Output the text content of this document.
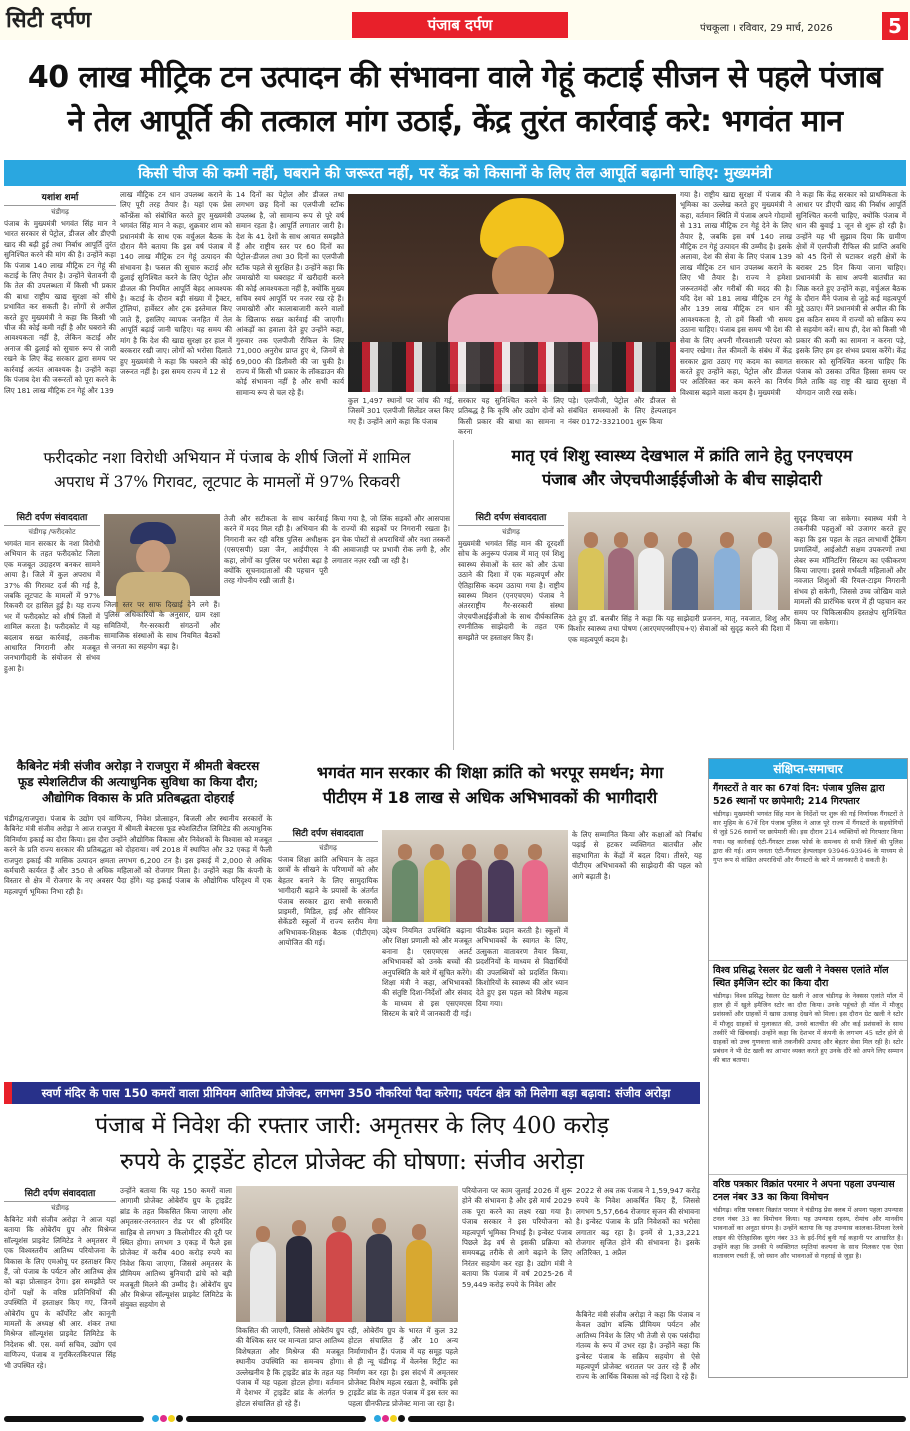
सिटी दर्पण	पंजाब दर्पण	पंचकूला । रविवार, 29 मार्च, 2026	5
40 लाख मीट्रिक टन उत्पादन की संभावना वाले गेहूं कटाई सीजन से पहले पंजाब
ने तेल आपूर्ति की तत्काल मांग उठाई, केंद्र तुरंत कार्रवाई करे: भगवंत मान
किसी चीज की कमी नहीं, घबराने की जरूरत नहीं, पर केंद्र को किसानों के लिए तेल आपूर्ति बढ़ानी चाहिए: मुख्यमंत्री
यशांश शर्मा
चंडीगढ़
पंजाब के मुख्यमंत्री भगवंत सिंह मान ने भारत सरकार से पेट्रोल, डीजल और डीएपी खाद की बढ़ी हुई तथा निर्बाध आपूर्ति तुरंत सुनिश्चित करने की मांग की है। उन्होंने कहा कि पंजाब 140 लाख मीट्रिक टन गेहूं की कटाई के लिए तैयार है। उन्होंने चेतावनी दी कि तेल की उपलब्धता में किसी भी प्रकार की बाधा राष्ट्रीय खाद्य सुरक्षा को सीधे प्रभावित कर सकती है। लोगों से अपील करते हुए मुख्यमंत्री ने कहा कि किसी भी चीज की कोई कमी नहीं है और घबराने की आवश्यकता नहीं है, लेकिन कटाई और अनाज की ढुलाई को सुचारु रूप से जारी रखने के लिए केंद्र सरकार द्वारा समय पर कार्रवाई अत्यंत आवश्यक है। उन्होंने कहा कि पंजाब देश की जरूरतों को पूरा करने के लिए 181 लाख मीट्रिक टन गेहूं और 139
लाख मीट्रिक टन धान उपलब्ध कराने के लिए पूरी तरह तैयार है। यहां एक प्रेस कॉन्फ्रेंस को संबोधित करते हुए मुख्यमंत्री भगवंत सिंह मान ने कहा, शुक्रवार शाम को प्रधानमंत्री के साथ एक वर्चुअल बैठक के दौरान मैंने बताया कि इस वर्ष पंजाब में 140 लाख मीट्रिक टन गेहूं उत्पादन की संभावना है। फसल की सुचारु कटाई और ढुलाई सुनिश्चित करने के लिए पेट्रोल और डीजल की नियमित आपूर्ति बेहद आवश्यक है। कटाई के दौरान बड़ी संख्या में ट्रैक्टर, ट्रॉलियां, हार्वेस्टर और ट्रक इस्तेमाल किए जाते हैं, इसलिए व्यापक जनहित में तेल आपूर्ति बढ़ाई जानी चाहिए। यह समय की मांग है कि देश की खाद्य सुरक्षा हर हाल में बरकरार रखी जाए। लोगों को भरोसा दिलाते हुए मुख्यमंत्री ने कहा कि घबराने की कोई जरूरत नहीं है। इस समय राज्य में 12 से
14 दिनों का पेट्रोल और डीजल तथा लगभग छह दिनों का एलपीजी स्टॉक उपलब्ध है, जो सामान्य रूप से पूरे वर्ष समान रहता है। आपूर्ति लगातार जारी है। देश के 41 देशों के साथ आयात समझौते हैं और राष्ट्रीय स्तर पर 60 दिनों का पेट्रोल-डीजल तथा 30 दिनों का एलपीजी स्टॉक पहले से सुरक्षित है। उन्होंने कहा कि जमाखोरी या घबराहट में खरीदारी करने की कोई आवश्यकता नहीं है, क्योंकि मुख्य सचिव स्वयं आपूर्ति पर नजर रख रहे हैं। जमाखोरी और कालाबाजारी करने वालों के खिलाफ सख्त कार्रवाई की जाएगी। आंकड़ों का हवाला देते हुए उन्होंने कहा, गुरुवार तक एलपीजी रीफिल के लिए 71,000 अनुरोध प्राप्त हुए थे, जिनमें से 69,000 की डिलीवरी की जा चुकी है। राज्य में किसी भी प्रकार के लॉकडाउन की कोई संभावना नहीं है और सभी कार्य सामान्य रूप से चल रहे हैं।
कुल 1,497 स्थानों पर जांच की गई, जिसमें 301 एलपीजी सिलेंडर जब्त किए गए हैं। उन्होंने आगे कहा कि पंजाब
सरकार यह सुनिश्चित करने के लिए प्रतिबद्ध है कि कृषि और उद्योग दोनों को किसी प्रकार की बाधा का सामना न करना
पड़े। एलपीजी, पेट्रोल और डीजल से संबंधित समस्याओं के लिए हेल्पलाइन नंबर 0172-3321001 शुरू किया
गया है। राष्ट्रीय खाद्य सुरक्षा में पंजाब की भूमिका का उल्लेख करते हुए मुख्यमंत्री ने कहा, वर्तमान स्थिति में पंजाब अपने गोदामों से 131 लाख मीट्रिक टन गेहूं देने के लिए तैयार है, जबकि इस वर्ष 140 लाख मीट्रिक टन गेहूं उत्पादन की उम्मीद है। इसके अलावा, देश की सेवा के लिए पंजाब 139 लाख मीट्रिक टन धान उपलब्ध कराने के लिए भी तैयार है। राज्य ने हमेशा जरूरतमंदों और गरीबों की मदद की है। यदि देश को 181 लाख मीट्रिक टन गेहूं और 139 लाख मीट्रिक टन धान की आवश्यकता है, तो हमें किसी भी समय उठाना चाहिए। पंजाब इस समय भी देश की सेवा के लिए अपनी गौरवशाली परंपरा को बनाए रखेगा। तेल कीमतों के संबंध में केंद्र सरकार द्वारा उठाए गए कदम का स्वागत करते हुए उन्होंने कहा, पेट्रोल और डीजल पर अतिरिक्त कर कम करने का निर्णय विश्वास बढ़ाने वाला कदम है। मुख्यमंत्री
ने कहा कि केंद्र सरकार को प्राथमिकता के आधार पर डीएपी खाद की निर्बाध आपूर्ति सुनिश्चित करनी चाहिए, क्योंकि पंजाब में धान की बुवाई 1 जून से शुरू हो रही है। उन्होंने यह भी सुझाव दिया कि ग्रामीण क्षेत्रों में एलपीजी रीफिल की प्राप्ति अवधि को 45 दिनों से घटाकर शहरी क्षेत्रों के बराबर 25 दिन किया जाना चाहिए। प्रधानमंत्री के साथ अपनी बातचीत का जिक्र करते हुए उन्होंने कहा, वर्चुअल बैठक के दौरान मैंने पंजाब से जुड़े कई महत्वपूर्ण मुद्दे उठाए। मैंने प्रधानमंत्री से अपील की कि इस कठिन समय में राज्यों को सक्रिय रूप से सहयोग करें। साथ ही, देश को किसी भी प्रकार की कमी का सामना न करना पड़े, इसके लिए हम हर संभव प्रयास करेंगे। केंद्र सरकार को सुनिश्चित करना चाहिए कि पंजाब को उसका उचित हिस्सा समय पर मिले ताकि वह राष्ट्र की खाद्य सुरक्षा में योगदान जारी रख सके।
फरीदकोट नशा विरोधी अभियान में पंजाब के शीर्ष जिलों में शामिल
अपराध में 37% गिरावट, लूटपाट के मामलों में 97% रिकवरी
सिटी दर्पण संवाददाता
चंडीगढ़ /फरीदकोट
भगवंत मान सरकार के नशा विरोधी अभियान के तहत फरीदकोट जिला एक मजबूत उदाहरण बनकर सामने आया है। जिले में कुल अपराध में 37% की गिरावट दर्ज की गई है, जबकि लूटपाट के मामलों में 97% रिकवरी दर हासिल हुई है। यह राज्य भर में फरीदकोट को शीर्ष जिलों में शामिल करता है। फरीदकोट में यह बदलाव सख्त कार्रवाई, तकनीक आधारित निगरानी और मजबूत जनभागीदारी के संयोजन से संभव हुआ है।
जिला स्तर पर साफ दिखाई देने लगे हैं। पुलिस अधिकारियों के अनुसार, ग्राम रक्षा समितियों, गैर-सरकारी संगठनों और सामाजिक संस्थाओं के साथ नियमित बैठकों से जनता का सहयोग बढ़ा है।
तेजी और सटीकता के साथ कार्रवाई करने में मदद मिल रही है। अभियान की निगरानी कर रही वरिष्ठ पुलिस अधीक्षक (एसएसपी) प्रज्ञा जैन, आईपीएस ने कहा, लोगों का पुलिस पर भरोसा बढ़ा है क्योंकि सूचनादाताओं की पहचान पूरी तरह गोपनीय रखी जाती है।
किया गया है, जो लिंक सड़कों और आसपास के राज्यों की सड़कों पर निगरानी रखता है। इन चेक पोस्टों से अपराधियों और नशा तस्करों की आवाजाही पर प्रभावी रोक लगी है, और लगातार नज़र रखी जा रही है।
मातृ एवं शिशु स्वास्थ्य देखभाल में क्रांति लाने हेतु एनएचएम
पंजाब और जेएचपीआईईजीओ के बीच साझेदारी
सिटी दर्पण संवाददाता
चंडीगढ़
मुख्यमंत्री भगवंत सिंह मान की दूरदर्शी सोच के अनुरूप पंजाब में मातृ एवं शिशु स्वास्थ्य सेवाओं के स्तर को और ऊंचा उठाने की दिशा में एक महत्वपूर्ण और ऐतिहासिक कदम उठाया गया है। राष्ट्रीय स्वास्थ्य मिशन (एनएचएम) पंजाब ने अंतरराष्ट्रीय गैर-सरकारी संस्था जेएचपीआईईजीओ के साथ दीर्घकालिक रणनीतिक साझेदारी के तहत एक समझौते पर हस्ताक्षर किए हैं।
देते हुए डॉ. बलबीर सिंह ने कहा कि यह साझेदारी प्रजनन, मातृ, नवजात, शिशु और किशोर स्वास्थ्य तथा पोषण (आरएमएनसीएच+ए) सेवाओं को सुदृढ़ करने की दिशा में एक महत्वपूर्ण कदम है।
सुदृढ़ किया जा सकेगा। स्वास्थ्य मंत्री ने तकनीकी पहलुओं को उजागर करते हुए कहा कि इस पहल के तहत लाभार्थी ट्रैकिंग प्रणालियों, आईओटी सक्षम उपकरणों तथा लेबर रूम मॉनिटरिंग सिस्टम का एकीकरण किया जाएगा। इससे गर्भवती महिलाओं और नवजात शिशुओं की रियल-टाइम निगरानी संभव हो सकेगी, जिससे उच्च जोखिम वाले मामलों की प्रारंभिक चरण में ही पहचान कर समय पर चिकित्सकीय हस्तक्षेप सुनिश्चित किया जा सकेगा।
कैबिनेट मंत्री संजीव अरोड़ा ने राजपुरा में श्रीमती बेक्टरस
फूड स्पेशलिटीज की अत्याधुनिक सुविधा का किया दौरा;
औद्योगिक विकास के प्रति प्रतिबद्धता दोहराई
चंडीगढ़/राजपुरा। पंजाब के उद्योग एवं वाणिज्य, निवेश प्रोत्साहन, बिजली और स्थानीय सरकारों के कैबिनेट मंत्री संजीव अरोड़ा ने आज राजपुरा में श्रीमती बेक्टरस फूड स्पेशलिटीज लिमिटेड की अत्याधुनिक विनिर्माण इकाई का दौरा किया। इस दौरा उन्होंने औद्योगिक विकास और निवेशकों के विश्वास को मजबूत करने के प्रति राज्य सरकार की प्रतिबद्धता को दोहराया। वर्ष 2018 में स्थापित और 32 एकड़ में फैली राजपुरा इकाई की मासिक उत्पादन क्षमता लगभग 6,200 टन है। इस इकाई में 2,000 से अधिक कर्मचारी कार्यरत हैं और 350 से अधिक महिलाओं को रोजगार मिला है। उन्होंने कहा कि कंपनी के विस्तार से क्षेत्र में रोजगार के नए अवसर पैदा होंगे। यह इकाई पंजाब के औद्योगिक परिदृश्य में एक महत्वपूर्ण भूमिका निभा रही है।
भगवंत मान सरकार की शिक्षा क्रांति को भरपूर समर्थन; मेगा
पीटीएम में 18 लाख से अधिक अभिभावकों की भागीदारी
सिटी दर्पण संवाददाता
चंडीगढ़
पंजाब शिक्षा क्रांति अभियान के तहत छात्रों के सीखने के परिणामों को और बेहतर बनाने के लिए सामुदायिक भागीदारी बढ़ाने के प्रयासों के अंतर्गत पंजाब सरकार द्वारा सभी सरकारी प्राइमरी, मिडिल, हाई और सीनियर सेकेंडरी स्कूलों में राज्य स्तरीय मेगा अभिभावक-शिक्षक बैठक (पीटीएम) आयोजित की गई।
उद्देश्य नियमित उपस्थिति बढ़ाना और शिक्षा प्रणाली को और मजबूत बनाना है। एसएमएस अलर्ट अभिभावकों को उनके बच्चों की अनुपस्थिति के बारे में सूचित करेंगे। शिक्षा मंत्री ने कहा, अभिभावकों की संतुष्टि दिशा-निर्देशों और संवाद के माध्यम से इस एसएमएस सिस्टम के बारे में जानकारी दी गई।
फीडबैक प्रदान करती है। स्कूलों में अभिभावकों के स्वागत के लिए, उत्सुकता वातावरण तैयार किया, प्रदर्शनियों के माध्यम से विद्यार्थियों की उपलब्धियों को प्रदर्शित किया। किशोरियों के स्वास्थ्य की ओर ध्यान देते हुए इस पहल को विशेष महत्व दिया गया।
के लिए सम्मानित किया और कक्षाओं को निर्बाध पढ़ाई से हटकर व्यक्तिगत बातचीत और सहभागिता के केंद्रों में बदल दिया। तीसरे, यह पीटीएम अभिभावकों की साझेदारी की पहल को आगे बढ़ाती है।
संक्षिप्त-समाचार
गैंगस्टरों ते वार का 67वां दिन: पंजाब पुलिस द्वारा 526 स्थानों पर छापेमारी; 214 गिरफ्तार
चंडीगढ़। मुख्यमंत्री भगवंत सिंह मान के निर्देशों पर शुरू की गई निर्णायक गैंगस्टरों ते वार मुहिम के 67वें दिन पंजाब पुलिस ने आज पूरे राज्य में गैंगस्टरों के सहयोगियों से जुड़े 526 स्थानों पर छापेमारी की। इस दौरान 214 व्यक्तियों को गिरफ्तार किया गया। यह कार्रवाई एंटी-गैंगस्टर टास्क फोर्स के समन्वय से सभी जिलों की पुलिस द्वारा की गई। आम जनता एंटी-गैंगस्टर हेल्पलाइन 93946-93946 के माध्यम से गुप्त रूप से वांछित अपराधियों और गैंगस्टरों के बारे में जानकारी दे सकती है।
विश्व प्रसिद्ध रेसलर ग्रेट खली ने नेक्सस एलांते मॉल स्थित इमैजिन स्टोर का किया दौरा
चंडीगढ़। विश्व प्रसिद्ध रेसलर ग्रेट खली ने आज चंडीगढ़ के नेक्सस एलांते मॉल में हाल ही में खुले इमैजिन स्टोर का दौरा किया। उनके पहुंचते ही मॉल में मौजूद प्रशंसकों और ग्राहकों में खास उत्साह देखने को मिला। इस दौरान ग्रेट खली ने स्टोर में मौजूद ग्राहकों से मुलाकात की, उनसे बातचीत की और कई प्रशंसकों के साथ तस्वीरें भी खिंचवाईं। उन्होंने कहा कि देशभर में कंपनी के लगभग 45 स्टोर होने से ग्राहकों को उच्च गुणवत्ता वाले तकनीकी उत्पाद और बेहतर सेवा मिल रही है। स्टोर प्रबंधन ने भी ग्रेट खली का आभार व्यक्त करते हुए उनके दौरे को अपने लिए सम्मान की बात बताया।
वरिष्ठ पत्रकार विक्रांत परमार ने अपना पहला उपन्यास टनल नंबर 33 का किया विमोचन
चंडीगढ़। वरिष्ठ पत्रकार विक्रांत परमार ने चंडीगढ़ प्रेस क्लब में अपना पहला उपन्यास टनल नंबर 33 का विमोचन किया। यह उपन्यास रहस्य, रोमांच और मानवीय भावनाओं का अनूठा संगम है। उन्होंने बताया कि यह उपन्यास कालका-शिमला रेलवे लाइन की ऐतिहासिक सुरंग नंबर 33 के इर्द-गिर्द बुनी गई कहानी पर आधारित है। उन्होंने कहा कि उनकी ये व्यक्तिगत स्मृतियां कल्पना के साथ मिलकर एक ऐसा वातावरण रचती हैं, जो स्थान और भावनाओं से गहराई से जुड़ा है।
स्वर्ण मंदिर के पास 150 कमरों वाला प्रीमियम आतिथ्य प्रोजेक्ट, लगभग 350 नौकरियां पैदा करेगा; पर्यटन क्षेत्र को मिलेगा बड़ा बढ़ावा: संजीव अरोड़ा
पंजाब में निवेश की रफ्तार जारी: अमृतसर के लिए 400 करोड़
रुपये के ट्राइडेंट होटल प्रोजेक्ट की घोषणा: संजीव अरोड़ा
सिटी दर्पण संवाददाता
चंडीगढ़
कैबिनेट मंत्री संजीव अरोड़ा ने आज यहां बताया कि ओबेरॉय ग्रुप और मिश्रेग्ज सॉल्यूशंस प्राइवेट लिमिटेड ने अमृतसर में एक विश्वस्तरीय आतिथ्य परियोजना के विकास के लिए एमओयू पर हस्ताक्षर किए हैं, जो पंजाब के पर्यटन और आतिथ्य क्षेत्र को बड़ा प्रोत्साहन देगा। इस समझौते पर दोनों पक्षों के वरिष्ठ प्रतिनिधियों की उपस्थिति में हस्ताक्षर किए गए, जिनमें ओबेरॉय ग्रुप के कॉर्पोरेट और कानूनी मामलों के अध्यक्ष श्री आर. शंकर तथा मिश्रेग्ज सॉल्यूशंस प्राइवेट लिमिटेड के निदेशक श्री. एस. वर्मा सचिव, उद्योग एवं वाणिज्य, पंजाब व गुरकिरतकिरपाल सिंह भी उपस्थित रहे।
उन्होंने बताया कि यह 150 कमरों वाला आगामी प्रोजेक्ट ओबेरॉय ग्रुप के ट्राइडेंट ब्रांड के तहत विकसित किया जाएगा और अमृतसर-तरनतारन रोड पर श्री हरिमंदिर साहिब से लगभग 3 किलोमीटर की दूरी पर स्थित होगा। लगभग 3 एकड़ में फैले इस प्रोजेक्ट में करीब 400 करोड़ रुपये का निवेश किया जाएगा, जिससे अमृतसर के प्रीमियम आतिथ्य बुनियादी ढांचे को बड़ी मजबूती मिलने की उम्मीद है। ओबेरॉय ग्रुप और मिश्रेग्ज सॉल्यूशंस प्राइवेट लिमिटेड के संयुक्त सहयोग से
विकसित की जाएगी, जिससे ओबेरॉय ग्रुप की वैश्विक स्तर पर मान्यता प्राप्त आतिथ्य विशेषज्ञता और मिश्रेग्ज की मजबूत स्थानीय उपस्थिति का समन्वय होगा। उल्लेखनीय है कि ट्राइडेंट ब्रांड के तहत यह पंजाब में यह पहला होटल होगा। वर्तमान में देशभर में ट्राइडेंट ब्रांड के अंतर्गत 9 होटल संचालित हो रहे हैं।
रही, ओबेरॉय ग्रुप के भारत में कुल 32 होटल संचालित हैं और 10 अन्य निर्माणाधीन हैं। पंजाब में यह समूह पहले से ही न्यू चंडीगढ़ में वेलनेस रिट्रीट का निर्माण कर रहा है। इस संदर्भ में अमृतसर प्रोजेक्ट विशेष महत्व रखता है, क्योंकि इसे ट्राइडेंट ब्रांड के तहत पंजाब में इस स्तर का पहला ग्रीनफील्ड प्रोजेक्ट माना जा रहा है।
परियोजना पर काम जुलाई 2026 में शुरू होने की संभावना है और इसे मार्च 2029 तक पूरा करने का लक्ष्य रखा गया है। पंजाब सरकार ने इस परियोजना को महत्वपूर्ण भूमिका निभाई है। इन्वेस्ट पंजाब पिछले डेढ़ वर्ष से इसकी प्रक्रिया को समयबद्ध तरीके से आगे बढ़ाने के लिए निरंतर सहयोग कर रहा है। उद्योग मंत्री ने बताया कि पंजाब में वर्ष 2025-26 में 59,449 करोड़ रुपये के निवेश और
2022 से अब तक पंजाब ने 1,59,947 करोड़ रुपये के निवेश आकर्षित किए हैं, जिससे लगभग 5,57,664 रोजगार सृजन की संभावना है। इन्वेस्ट पंजाब के प्रति निवेशकों का भरोसा लगातार बढ़ रहा है। इनमें से 1,33,221 रोजगार सृजित होने की संभावना है। इसके अतिरिक्त, 1 अप्रैल
कैबिनेट मंत्री संजीव अरोड़ा ने कहा कि पंजाब न केवल उद्योग बल्कि प्रीमियम पर्यटन और आतिथ्य निवेश के लिए भी तेजी से एक पसंदीदा गंतव्य के रूप में उभर रहा है। उन्होंने कहा कि इन्वेस्ट पंजाब के सक्रिय सहयोग से ऐसे महत्वपूर्ण प्रोजेक्ट धरातल पर उतर रहे हैं और राज्य के आर्थिक विकास को नई दिशा दे रहे हैं।
